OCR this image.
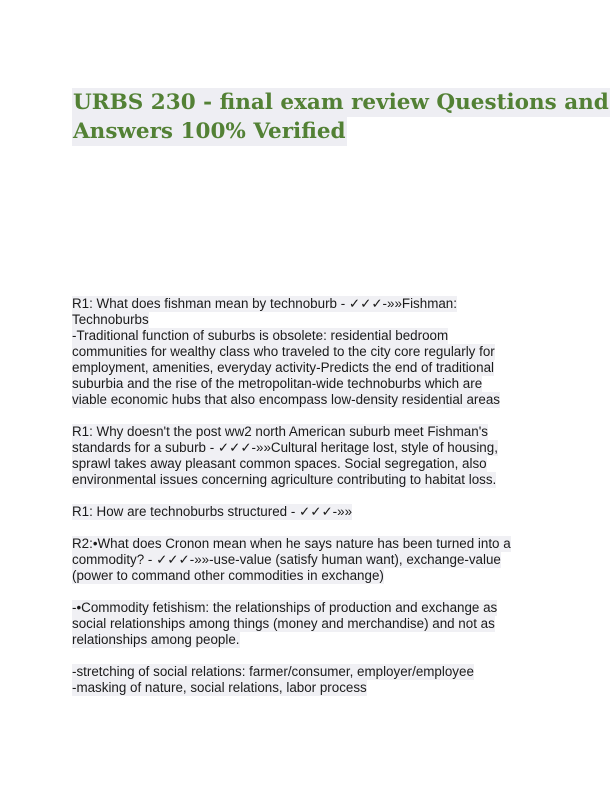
URBS 230 - final exam review Questions and
Answers 100% Verified
R1: What does fishman mean by technoburb - ✓✓✓-»»Fishman:
Technoburbs
-Traditional function of suburbs is obsolete: residential bedroom
communities for wealthy class who traveled to the city core regularly for
employment, amenities, everyday activity-Predicts the end of traditional
suburbia and the rise of the metropolitan-wide technoburbs which are
viable economic hubs that also encompass low-density residential areas
R1: Why doesn't the post ww2 north American suburb meet Fishman's
standards for a suburb - ✓✓✓-»»Cultural heritage lost, style of housing,
sprawl takes away pleasant common spaces. Social segregation, also
environmental issues concerning agriculture contributing to habitat loss.
R1: How are technoburbs structured - ✓✓✓-»»
R2:•What does Cronon mean when he says nature has been turned into a
commodity? - ✓✓✓-»»-use-value (satisfy human want), exchange-value
(power to command other commodities in exchange)
-•Commodity fetishism: the relationships of production and exchange as
social relationships among things (money and merchandise) and not as
relationships among people.
-stretching of social relations: farmer/consumer, employer/employee
-masking of nature, social relations, labor process
